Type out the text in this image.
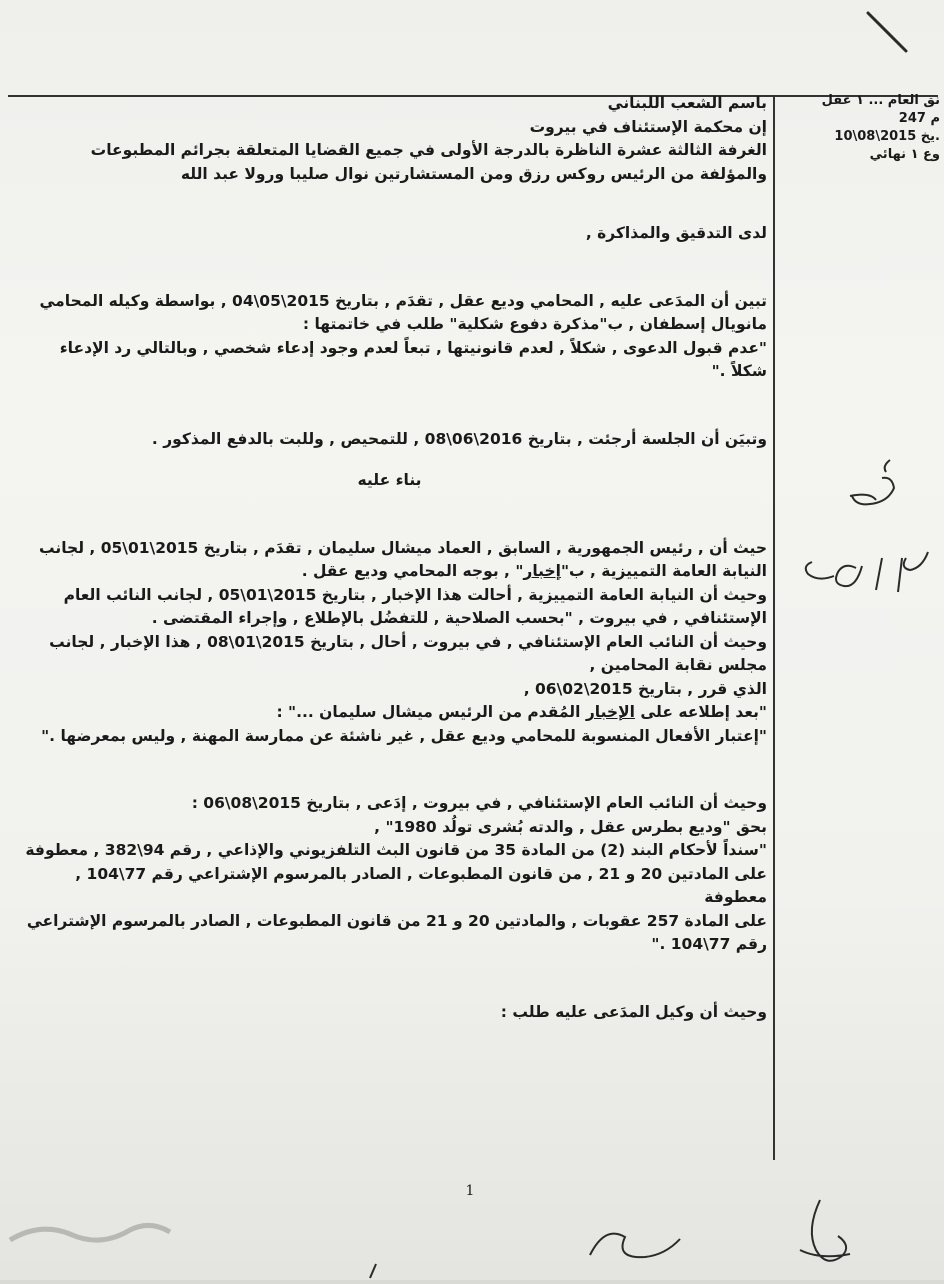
نق العام ... ١ عقل
م 247
.يخ 2015\08\10
وع ١ نهائي

باسم الشعب اللبناني

إن محكمة الإستئناف في بيروت

الغرفة الثالثة عشرة الناظرة بالدرجة الأولى في جميع القضايا المتعلقة بجرائم المطبوعات

والمؤلفة من الرئيس روكس رزق ومن المستشارتين نوال صليبا ورولا عبد الله

لدى التدقيق والمذاكرة ,

تبين أن المدَعى عليه , المحامي وديع عقل , تقدَم , بتاريخ 2015\05\04 , بواسطة وكيله المحامي

مانويال إسطفان , ب"مذكرة دفوع شكلية" طلب في خاتمتها :

"عدم قبول الدعوى , شكلاً , لعدم قانونيتها , تبعاً لعدم وجود إدعاء شخصي , وبالتالي رد الإدعاء

شكلاً ."

وتبيَن أن الجلسة أرجئت , بتاريخ 2016\06\08 , للتمحيص , وللبت بالدفع المذكور .

بناء عليه

حيث أن , رئيس الجمهورية , السابق , العماد ميشال سليمان , تقدَم , بتاريخ 2015\01\05 , لجانب

النيابة العامة التمييزية , ب"إخبار" , بوجه المحامي وديع عقل .

وحيث أن النيابة العامة التمييزية , أحالت هذا الإخبار , بتاريخ 2015\01\05 , لجانب النائب العام

الإستئنافي , في بيروت , "بحسب الصلاحية , للتفضُل بالإطلاع , وإجراء المقتضى .

وحيث أن النائب العام الإستئنافي , في بيروت , أحال , بتاريخ 2015\01\08 , هذا الإخبار , لجانب

مجلس نقابة المحامين ,

الذي قرر , بتاريخ 2015\02\06 ,

"بعد إطلاعه على الإخبار المُقدم من الرئيس ميشال سليمان ..." :

"إعتبار الأفعال المنسوبة للمحامي وديع عقل , غير ناشئة عن ممارسة المهنة , وليس بمعرضها ."

وحيث أن النائب العام الإستئنافي , في بيروت , إدَعى , بتاريخ 2015\08\06 :

بحق "وديع بطرس عقل , والدته بُشرى تولُد 1980" ,

"سنداً لأحكام البند (2) من المادة 35 من قانون البث التلفزيوني والإذاعي , رقم 94\382 , معطوفة

على المادتين 20 و 21 , من قانون المطبوعات , الصادر بالمرسوم الإشتراعي رقم 77\104 , معطوفة

على المادة 257 عقوبات , والمادتين 20 و 21 من قانون المطبوعات , الصادر بالمرسوم الإشتراعي

رقم 77\104 ."

وحيث أن وكيل المدَعى عليه طلب :

1
